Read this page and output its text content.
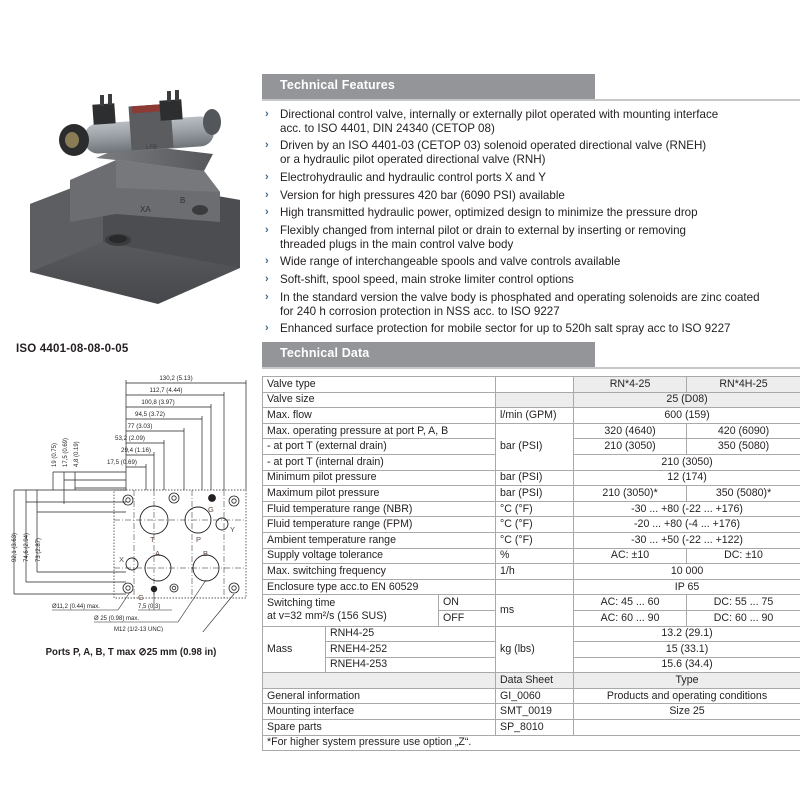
XA
B
LFB
ISO 4401-08-08-0-05
130,2 (5.13)
112,7 (4.44)
100,8 (3.97)
94,5 (3.72)
77 (3.03)
53,2 (2.09)
29,4 (1.16)
17,5 (0.69)
19 (0.75) 17,5 (0.69) 4,8 (0.19)
92,1 (3.63) 74,6 (2.94) 73 (2.87)	T	P
A	B
X
Y
G
G
Ø11,2 (0.44) max.	7,5 (0.3)
Ø 25 (0.98) max.
M12 (1/2-13 UNC)
Ports P, A, B, T max ⊘25 mm (0.98 in)
Technical Features
› Directional control valve, internally or externally pilot operated with mounting interface
acc. to ISO 4401, DIN 24340 (CETOP 08)
› Driven by an ISO 4401-03 (CETOP 03) solenoid operated directional valve (RNEH)
or a hydraulic pilot operated directional valve (RNH)
› Electrohydraulic and hydraulic control ports X and Y
› Version for high pressures 420 bar (6090 PSI) available
› High transmitted hydraulic power, optimized design to minimize the pressure drop
› Flexibly changed from internal pilot or drain to external by inserting or removing
threaded plugs in the main control valve body
› Wide range of interchangeable spools and valve controls available
› Soft-shift, spool speed, main stroke limiter control options
› In the standard version the valve body is phosphated and operating solenoids are zinc coated
for 240 h corrosion protection in NSS acc. to ISO 9227
› Enhanced surface protection for mobile sector for up to 520h salt spray acc to ISO 9227
Technical Data
Valve type				RN*4-25	RN*4H-25
Valve size				25 (D08)	
Max. flow			l/min (GPM)	600 (159)	
Max. operating pressure at port P, A, B			bar (PSI)	320 (4640)	420 (6090)
- at port T (external drain)				210 (3050)	350 (5080)
- at port T (internal drain)				210 (3050)	
Minimum pilot pressure			bar (PSI)	12 (174)	
Maximum pilot pressure			bar (PSI)	210 (3050)*	350 (5080)*
Fluid temperature range (NBR)			°C (°F)	-30 ... +80 (-22 ... +176)	
Fluid temperature range (FPM)			°C (°F)	-20 ... +80 (-4 ... +176)	
Ambient temperature range			°C (°F)	-30 ... +50 (-22 ... +122)	
Supply voltage tolerance			%	AC: ±10	DC: ±10
Max. switching frequency			1/h	10 000	
Enclosure type acc.to EN 60529				IP 65	
Switching time
at v=32 mm²/s (156 SUS)		ON	ms	AC: 45 ... 60	DC: 55 ... 75
		OFF		AC: 60 ... 90	DC: 60 ... 90
Mass	RNH4-25		kg (lbs)	13.2 (29.1)	
	RNEH4-252			15 (33.1)	
	RNEH4-253			15.6 (34.4)	
			Data Sheet	Type	
General information			GI_0060	Products and operating conditions	
Mounting interface			SMT_0019	Size 25	
Spare parts			SP_8010		
*For higher system pressure use option „Z“.					
